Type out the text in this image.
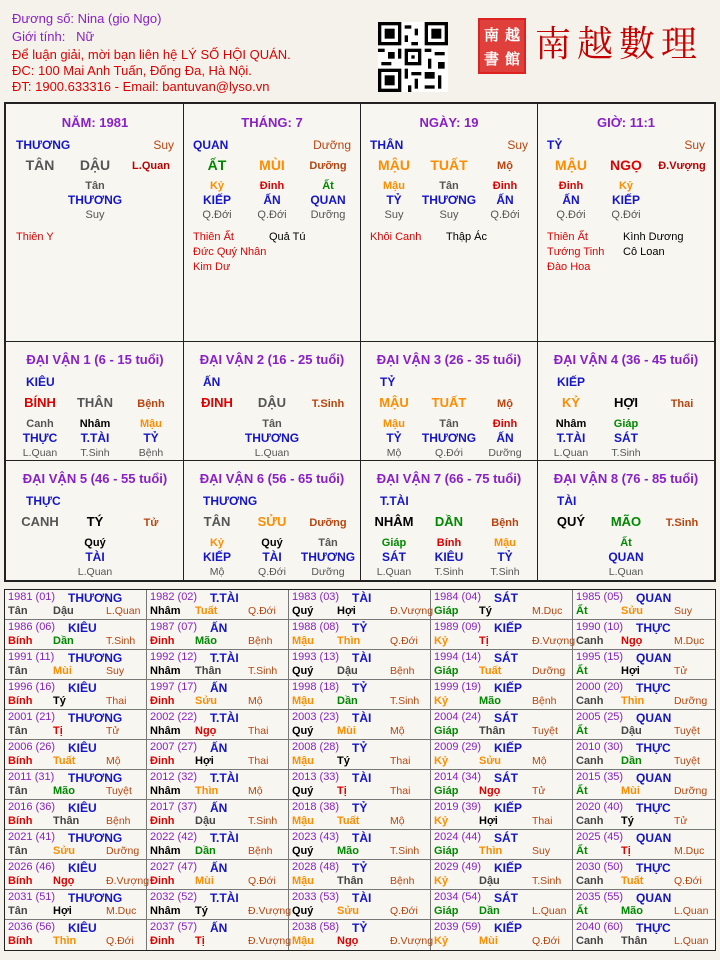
Đương số: Nina (gio Ngo)
Giới tính: Nữ
Để luận giải, mời bạn liên hệ LÝ SỐ HỘI QUÁN.
ĐC: 100 Mai Anh Tuấn, Đống Đa, Hà Nội.
ĐT: 1900.633316 - Email: bantuvan@lyso.vn
南 越
書 館 南越數理
NĂM: 1981
THƯƠNG	Suy
TÂN	DẬU	L.Quan
Tân
THƯƠNG
Suy
Thiên Y
THÁNG: 7
QUAN	Dưỡng
ẤT	MÙI	Dưỡng
Kỷ
KIẾP
Q.Đới
Đinh
ẤN
Q.Đới
Ất
QUAN
Dưỡng
Thiên Ất	Quả Tú
Đức Quý Nhân
Kim Dư
NGÀY: 19
THÂN	Suy
MẬU	TUẤT	Mộ
Mậu
TỶ
Suy
Tân
THƯƠNG
Suy
Đinh
ẤN
Q.Đới
Khôi Canh Thập Ác
GIỜ: 11:1
TỶ	Suy
MẬU	NGỌ	Đ.Vượng
Đinh
ẤN
Q.Đới
Kỷ
KIẾP
Q.Đới
Thiên Ất	Kình Dương
Tướng Tinh Cô Loan
Đào Hoa
ĐẠI VẬN 1 (6 - 15 tuổi)
KIÊU
BÍNH	THÂN	Bệnh
Canh
THỰC
L.Quan
Nhâm
T.TÀI
T.Sinh
Mậu
TỶ
Bệnh
ĐẠI VẬN 2 (16 - 25 tuổi)
ẤN
ĐINH	DẬU	T.Sinh
Tân
THƯƠNG
L.Quan
ĐẠI VẬN 3 (26 - 35 tuổi)
TỶ
MẬU	TUẤT	Mộ
Mậu
TỶ
Mộ
Tân
THƯƠNG
Q.Đới
Đinh
ẤN
Dưỡng
ĐẠI VẬN 4 (36 - 45 tuổi)
KIẾP
KỶ	HỢI	Thai
Nhâm
T.TÀI
L.Quan
Giáp
SÁT
T.Sinh
ĐẠI VẬN 5 (46 - 55 tuổi)
THỰC
CANH	TÝ	Tử
Quý
TÀI
L.Quan
ĐẠI VẬN 6 (56 - 65 tuổi)
THƯƠNG
TÂN	SỬU	Dưỡng
Kỷ
KIẾP
Mộ
Quý
TÀI
Q.Đới
Tân
THƯƠNG
Dưỡng
ĐẠI VẬN 7 (66 - 75 tuổi)
T.TÀI
NHÂM	DẦN	Bệnh
Giáp
SÁT
L.Quan
Bính
KIÊU
T.Sinh
Mậu
TỶ
T.Sinh
ĐẠI VẬN 8 (76 - 85 tuổi)
TÀI
QUÝ	MÃO	T.Sinh
Ất
QUAN
L.Quan
1981 (01) THƯƠNG
Tân Dậu	L.Quan
1982 (02) T.TÀI
Nhâm Tuất	Q.Đới
1983 (03) TÀI
Quý Hợi	Đ.Vượng
1984 (04) SÁT
Giáp Tý	M.Dục
1985 (05) QUAN
Ất	Sửu	Suy
1986 (06) KIÊU
Bính Dần	T.Sinh
1987 (07) ẤN
Đinh Mão	Bệnh
1988 (08) TỶ
Mậu Thìn	Q.Đới
1989 (09) KIẾP
Kỷ	Tị	Đ.Vượng
1990 (10) THỰC
Canh Ngọ	M.Dục
1991 (11) THƯƠNG
Tân Mùi	Suy
1992 (12) T.TÀI
Nhâm Thân	T.Sinh
1993 (13) TÀI
Quý Dậu	Bệnh
1994 (14) SÁT
Giáp Tuất	Dưỡng
1995 (15) QUAN
Ất	Hợi	Tử
1996 (16) KIÊU
Bính Tý	Thai
1997 (17) ẤN
Đinh Sửu	Mộ
1998 (18) TỶ
Mậu Dần	T.Sinh
1999 (19) KIẾP
Kỷ	Mão	Bệnh
2000 (20) THỰC
Canh Thìn	Dưỡng
2001 (21) THƯƠNG
Tân Tị	Tử
2002 (22) T.TÀI
Nhâm Ngọ	Thai
2003 (23) TÀI
Quý Mùi	Mộ
2004 (24) SÁT
Giáp Thân	Tuyệt
2005 (25) QUAN
Ất	Dậu	Tuyệt
2006 (26) KIÊU
Bính Tuất	Mộ
2007 (27) ẤN
Đinh Hợi	Thai
2008 (28) TỶ
Mậu Tý	Thai
2009 (29) KIẾP
Kỷ	Sửu	Mộ
2010 (30) THỰC
Canh Dần	Tuyệt
2011 (31) THƯƠNG
Tân Mão	Tuyệt
2012 (32) T.TÀI
Nhâm Thìn	Mộ
2013 (33) TÀI
Quý Tị	Thai
2014 (34) SÁT
Giáp Ngọ	Tử
2015 (35) QUAN
Ất	Mùi	Dưỡng
2016 (36) KIÊU
Bính Thân	Bệnh
2017 (37) ẤN
Đinh Dậu	T.Sinh
2018 (38) TỶ
Mậu Tuất	Mộ
2019 (39) KIẾP
Kỷ	Hợi	Thai
2020 (40) THỰC
Canh Tý	Tử
2021 (41) THƯƠNG
Tân Sửu	Dưỡng
2022 (42) T.TÀI
Nhâm Dần	Bệnh
2023 (43) TÀI
Quý Mão	T.Sinh
2024 (44) SÁT
Giáp Thìn	Suy
2025 (45) QUAN
Ất	Tị	M.Dục
2026 (46) KIÊU
Bính Ngọ	Đ.Vượng
2027 (47) ẤN
Đinh Mùi	Q.Đới
2028 (48) TỶ
Mậu Thân	Bệnh
2029 (49) KIẾP
Kỷ	Dậu	T.Sinh
2030 (50) THỰC
Canh Tuất	Q.Đới
2031 (51) THƯƠNG
Tân Hợi	M.Dục
2032 (52) T.TÀI
Nhâm Tý	Đ.Vượng
2033 (53) TÀI
Quý Sửu	Q.Đới
2034 (54) SÁT
Giáp Dần	L.Quan
2035 (55) QUAN
Ất	Mão	L.Quan
2036 (56) KIÊU
Bính Thìn	Q.Đới
2037 (57) ẤN
Đinh Tị	Đ.Vượng
2038 (58) TỶ
Mậu Ngọ	Đ.Vượng
2039 (59) KIẾP
Kỷ	Mùi	Q.Đới
2040 (60) THỰC
Canh Thân	L.Quan
